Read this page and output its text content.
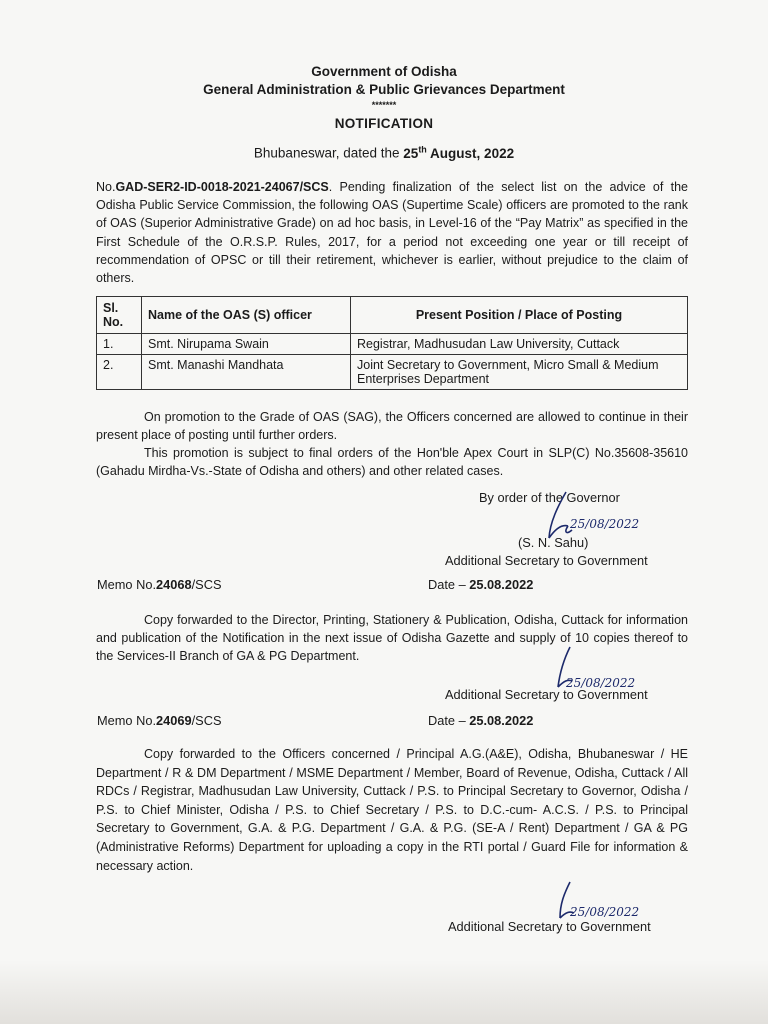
Government of Odisha
General Administration & Public Grievances Department
*******
NOTIFICATION
Bhubaneswar, dated the 25th August, 2022
No.GAD-SER2-ID-0018-2021-24067/SCS. Pending finalization of the select list on the advice of the Odisha Public Service Commission, the following OAS (Supertime Scale) officers are promoted to the rank of OAS (Superior Administrative Grade) on ad hoc basis, in Level-16 of the “Pay Matrix” as specified in the First Schedule of the O.R.S.P. Rules, 2017, for a period not exceeding one year or till receipt of recommendation of OPSC or till their retirement, whichever is earlier, without prejudice to the claim of others.
Sl. No.	Name of the OAS (S) officer	Present Position / Place of Posting
1.	Smt. Nirupama Swain	Registrar, Madhusudan Law University, Cuttack
2.	Smt. Manashi Mandhata	Joint Secretary to Government, Micro Small & Medium Enterprises Department
On promotion to the Grade of OAS (SAG), the Officers concerned are allowed to continue in their present place of posting until further orders.
This promotion is subject to final orders of the Hon'ble Apex Court in SLP(C) No.35608-35610 (Gahadu Mirdha-Vs.-State of Odisha and others) and other related cases.
By order of the Governor
25/08/2022
(S. N. Sahu)
Additional Secretary to Government
Memo No.24068/SCS	Date – 25.08.2022
Copy forwarded to the Director, Printing, Stationery & Publication, Odisha, Cuttack for information and publication of the Notification in the next issue of Odisha Gazette and supply of 10 copies thereof to the Services-II Branch of GA & PG Department.
25/08/2022
Additional Secretary to Government
Memo No.24069/SCS	Date – 25.08.2022
Copy forwarded to the Officers concerned / Principal A.G.(A&E), Odisha, Bhubaneswar / HE Department / R & DM Department / MSME Department / Member, Board of Revenue, Odisha, Cuttack / All RDCs / Registrar, Madhusudan Law University, Cuttack / P.S. to Principal Secretary to Governor, Odisha / P.S. to Chief Minister, Odisha / P.S. to Chief Secretary / P.S. to D.C.-cum- A.C.S. / P.S. to Principal Secretary to Government, G.A. & P.G. Department / G.A. & P.G. (SE-A / Rent) Department / GA & PG (Administrative Reforms) Department for uploading a copy in the RTI portal / Guard File for information & necessary action.
25/08/2022
Additional Secretary to Government
